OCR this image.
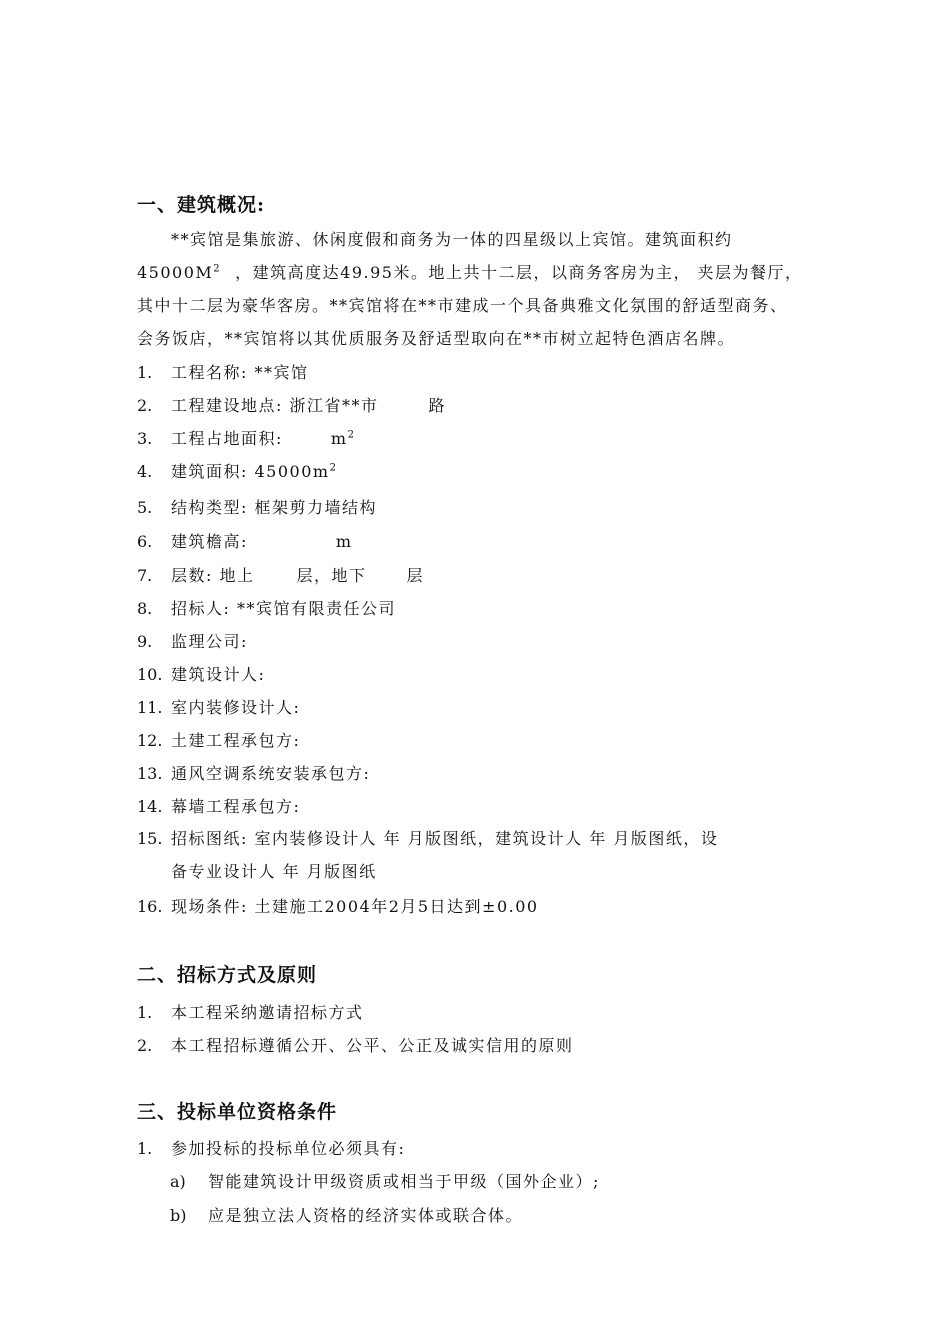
一、建筑概况:
**宾馆是集旅游、休闲度假和商务为一体的四星级以上宾馆。建筑面积约
$45000M^2$ ，建筑高度达49.95米。地上共十二层，以商务客房为主， 夹层为餐厅，
其中十二层为豪华客房。**宾馆将在**市建成一个具备典雅文化氛围的舒适型商务、
会务饭店，**宾馆将以其优质服务及舒适型取向在**市树立起特色酒店名牌。
1. 工程名称: **宾馆
2. 工程建设地点: 浙江省**市	路
3. 工程占地面积:	$m^2$
4. 建筑面积: $45000m^2$
5. 结构类型: 框架剪力墙结构
6. 建筑檐高:	m
7. 层数: 地上	层，地下	层
8. 招标人: **宾馆有限责任公司
9. 监理公司:
10. 建筑设计人:
11. 室内装修设计人:
12. 土建工程承包方:
13. 通风空调系统安装承包方:
14. 幕墙工程承包方:
15. 招标图纸: 室内装修设计人 年 月版图纸，建筑设计人 年 月版图纸，设
备专业设计人 年 月版图纸
16. 现场条件: 土建施工2004年2月5日达到±0.00
二、招标方式及原则
1. 本工程采纳邀请招标方式
2. 本工程招标遵循公开、公平、公正及诚实信用的原则
三、投标单位资格条件
1. 参加投标的投标单位必须具有:
a) 智能建筑设计甲级资质或相当于甲级（国外企业）;
b) 应是独立法人资格的经济实体或联合体。
